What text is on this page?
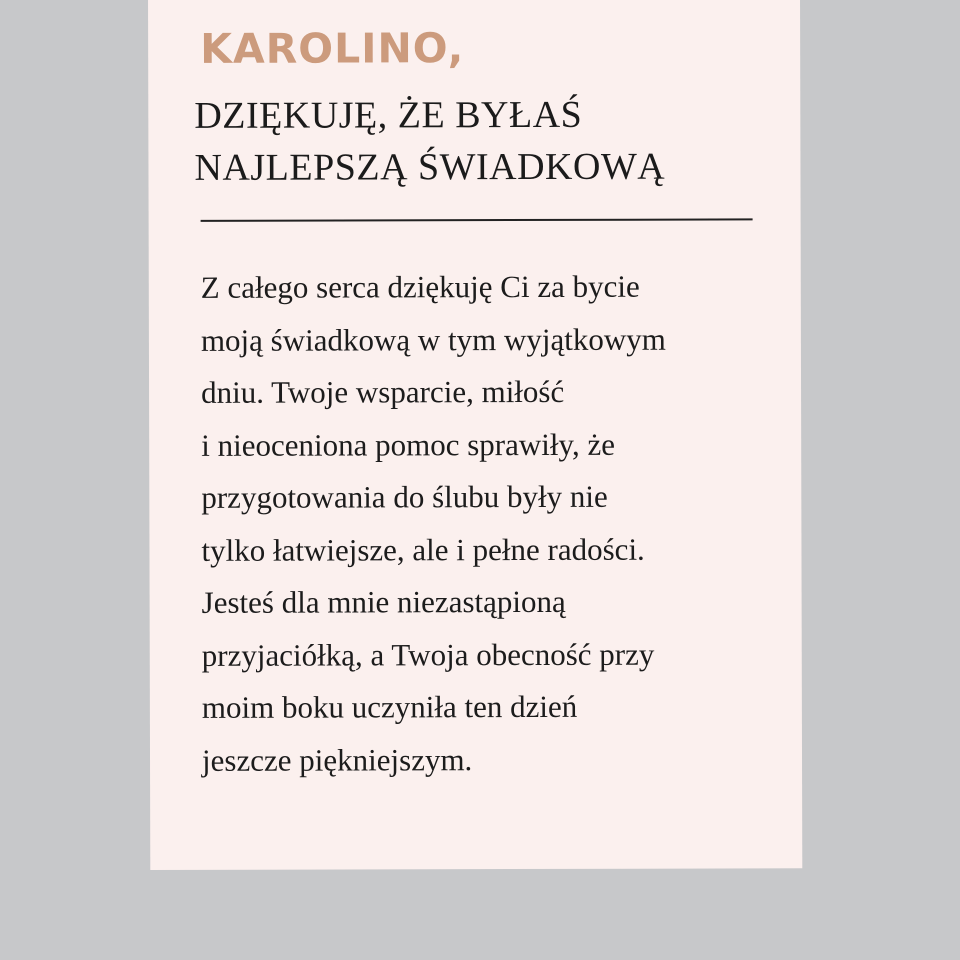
KAROLINO,
DZIĘKUJĘ, ŻE BYŁAŚ
NAJLEPSZĄ ŚWIADKOWĄ

Z całego serca dziękuję Ci za bycie
moją świadkową w tym wyjątkowym
dniu. Twoje wsparcie, miłość
i nieoceniona pomoc sprawiły, że
przygotowania do ślubu były nie
tylko łatwiejsze, ale i pełne radości.
Jesteś dla mnie niezastąpioną
przyjaciółką, a Twoja obecność przy
moim boku uczyniła ten dzień
jeszcze piękniejszym.
